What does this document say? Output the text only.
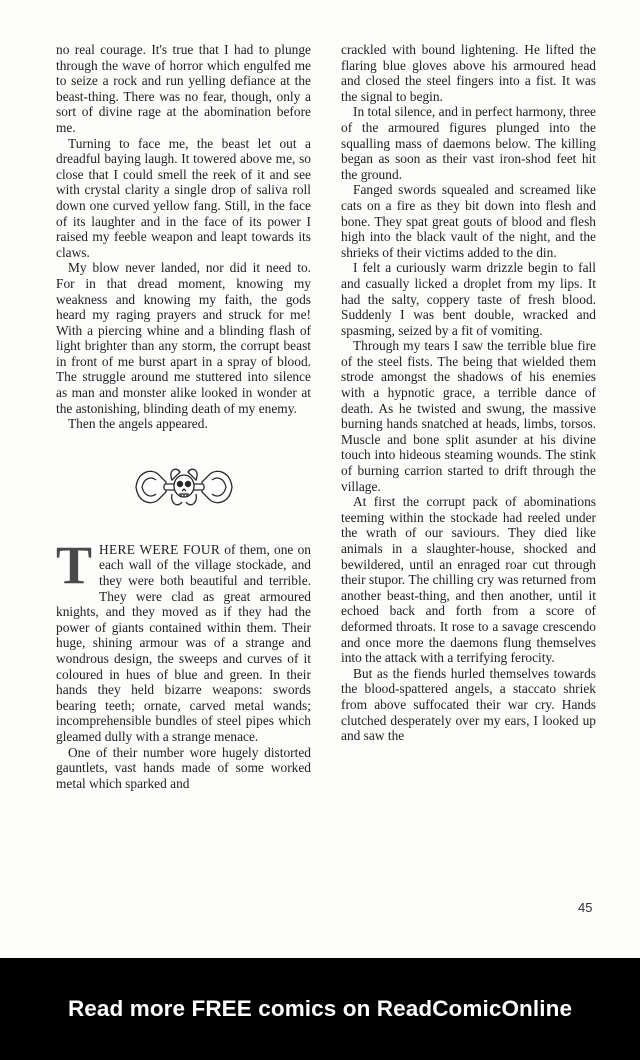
no real courage. It's true that I had to plunge through the wave of horror which engulfed me to seize a rock and run yelling defiance at the beast-thing. There was no fear, though, only a sort of divine rage at the abomination before me.

Turning to face me, the beast let out a dreadful baying laugh. It towered above me, so close that I could smell the reek of it and see with crystal clarity a single drop of saliva roll down one curved yellow fang. Still, in the face of its laughter and in the face of its power I raised my feeble weapon and leapt towards its claws.

My blow never landed, nor did it need to. For in that dread moment, knowing my weakness and knowing my faith, the gods heard my raging prayers and struck for me! With a piercing whine and a blinding flash of light brighter than any storm, the corrupt beast in front of me burst apart in a spray of blood. The struggle around me stuttered into silence as man and monster alike looked in wonder at the astonishing, blinding death of my enemy.

Then the angels appeared.

THERE WERE FOUR of them, one on each wall of the village stockade, and they were both beautiful and terrible. They were clad as great armoured knights, and they moved as if they had the power of giants contained within them. Their huge, shining armour was of a strange and wondrous design, the sweeps and curves of it coloured in hues of blue and green. In their hands they held bizarre weapons: swords bearing teeth; ornate, carved metal wands; incomprehensible bundles of steel pipes which gleamed dully with a strange menace.

One of their number wore hugely distorted gauntlets, vast hands made of some worked metal which sparked and

crackled with bound lightening. He lifted the flaring blue gloves above his armoured head and closed the steel fingers into a fist. It was the signal to begin.

In total silence, and in perfect harmony, three of the armoured figures plunged into the squalling mass of daemons below. The killing began as soon as their vast iron-shod feet hit the ground.

Fanged swords squealed and screamed like cats on a fire as they bit down into flesh and bone. They spat great gouts of blood and flesh high into the black vault of the night, and the shrieks of their victims added to the din.

I felt a curiously warm drizzle begin to fall and casually licked a droplet from my lips. It had the salty, coppery taste of fresh blood. Suddenly I was bent double, wracked and spasming, seized by a fit of vomiting.

Through my tears I saw the terrible blue fire of the steel fists. The being that wielded them strode amongst the shadows of his enemies with a hypnotic grace, a terrible dance of death. As he twisted and swung, the massive burning hands snatched at heads, limbs, torsos. Muscle and bone split asunder at his divine touch into hideous steaming wounds. The stink of burning carrion started to drift through the village.

At first the corrupt pack of abominations teeming within the stockade had reeled under the wrath of our saviours. They died like animals in a slaughter-house, shocked and bewildered, until an enraged roar cut through their stupor. The chilling cry was returned from another beast-thing, and then another, until it echoed back and forth from a score of deformed throats. It rose to a savage crescendo and once more the daemons flung themselves into the attack with a terrifying ferocity.

But as the fiends hurled themselves towards the blood-spattered angels, a staccato shriek from above suffocated their war cry. Hands clutched desperately over my ears, I looked up and saw the

45
Read more FREE comics on ReadComicOnline
